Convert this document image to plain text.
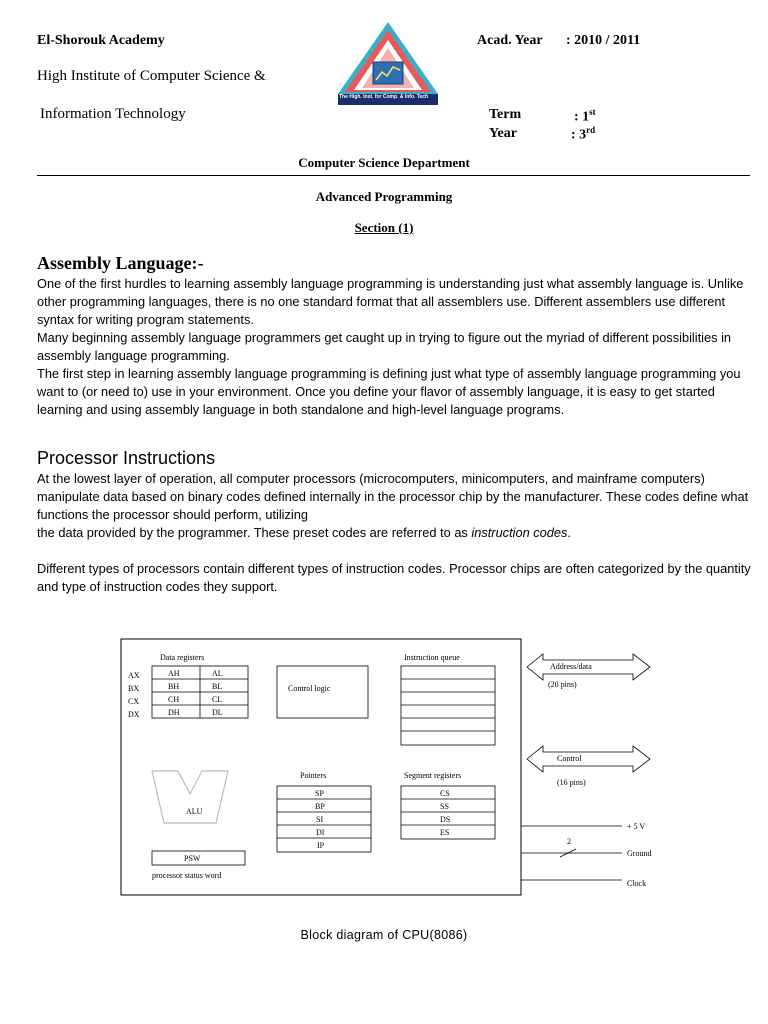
El-Shorouk Academy
High Institute of Computer Science &
Information Technology
The High. Inst. for Comp. & Info. Tech
Acad. Year : 2010 / 2011
Term	: 1st
Year	: 3rd
Computer Science Department
Advanced Programming
Section (1)
Assembly Language:-

One of the first hurdles to learning assembly language programming is understanding just what assembly language is. Unlike other programming languages, there is no one standard format that all assemblers use. Different assemblers use different syntax for writing program statements.

Many beginning assembly language programmers get caught up in trying to figure out the myriad of different possibilities in assembly language programming.

The first step in learning assembly language programming is defining just what type of assembly language programming you want to (or need to) use in your environment. Once you define your flavor of assembly language, it is easy to get started learning and using assembly language in both standalone and high-level language programs.

Processor Instructions

At the lowest layer of operation, all computer processors (microcomputers, minicomputers, and mainframe computers) manipulate data based on binary codes defined internally in the processor chip by the manufacturer. These codes define what functions the processor should perform, utilizing

the data provided by the programmer. These preset codes are referred to as instruction codes.

Different types of processors contain different types of instruction codes. Processor chips are often categorized by the quantity and type of instruction codes they support.

Data registers
AX
BX
CX
DX
AH	AL
BH	BL
CH	CL
DH	DL
Control logic
Instruction queue
ALU
PSW
processor status word
Pointers
SP
BP
SI
DI
IP
Segment registers
CS
SS
DS
ES
Address/data
(20 pins)
Control
(16 pins)
+ 5 V
2
Ground
Clock
Block diagram of CPU(8086)
